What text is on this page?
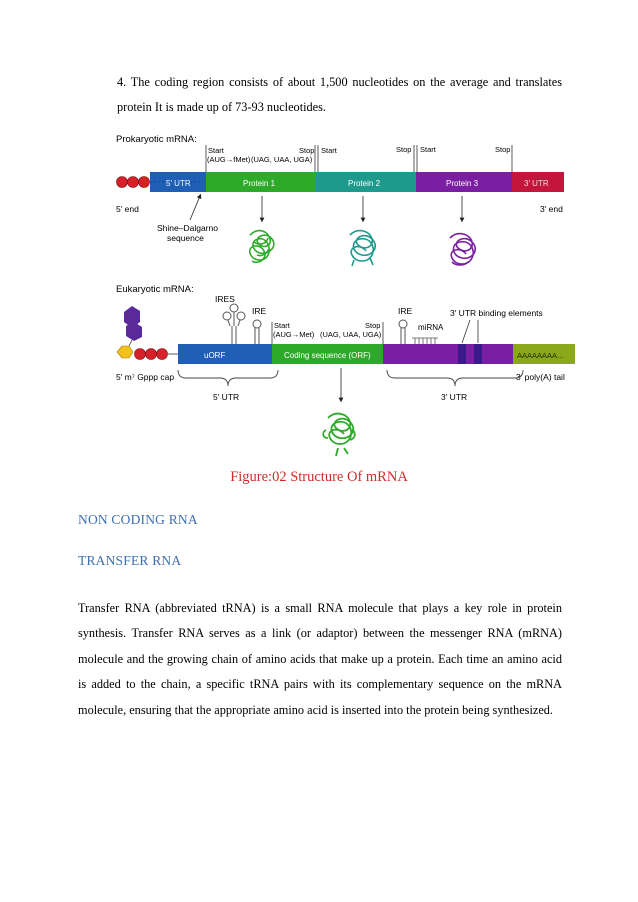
4. The coding region consists of about 1,500 nucleotides on the average and translates protein It is made up of 73-93 nucleotides.
Prokaryotic mRNA:
Start
(AUG→fMet)
Stop
(UAG, UAA, UGA)
Start	Stop Start	Stop
5′ UTR	Protein 1	Protein 2	Protein 3	3′ UTR
5′ end	3′ end
Shine–Dalgarno
sequence
Eukaryotic mRNA:
IRES
IRE
Start
(AUG→Met)
Stop
(UAG, UAA, UGA)
IRE
miRNA
3′ UTR binding elements
uORF	Coding sequence (ORF)	AAAAAAAA...
5′ m⁷ Gppp cap	3′ poly(A) tail
5′ UTR	3′ UTR
Figure:02 Structure Of mRNA
NON CODING RNA
TRANSFER RNA
Transfer RNA (abbreviated tRNA) is a small RNA molecule that plays a key role in protein synthesis. Transfer RNA serves as a link (or adaptor) between the messenger RNA (mRNA) molecule and the growing chain of amino acids that make up a protein. Each time an amino acid is added to the chain, a specific tRNA pairs with its complementary sequence on the mRNA molecule, ensuring that the appropriate amino acid is inserted into the protein being synthesized.
